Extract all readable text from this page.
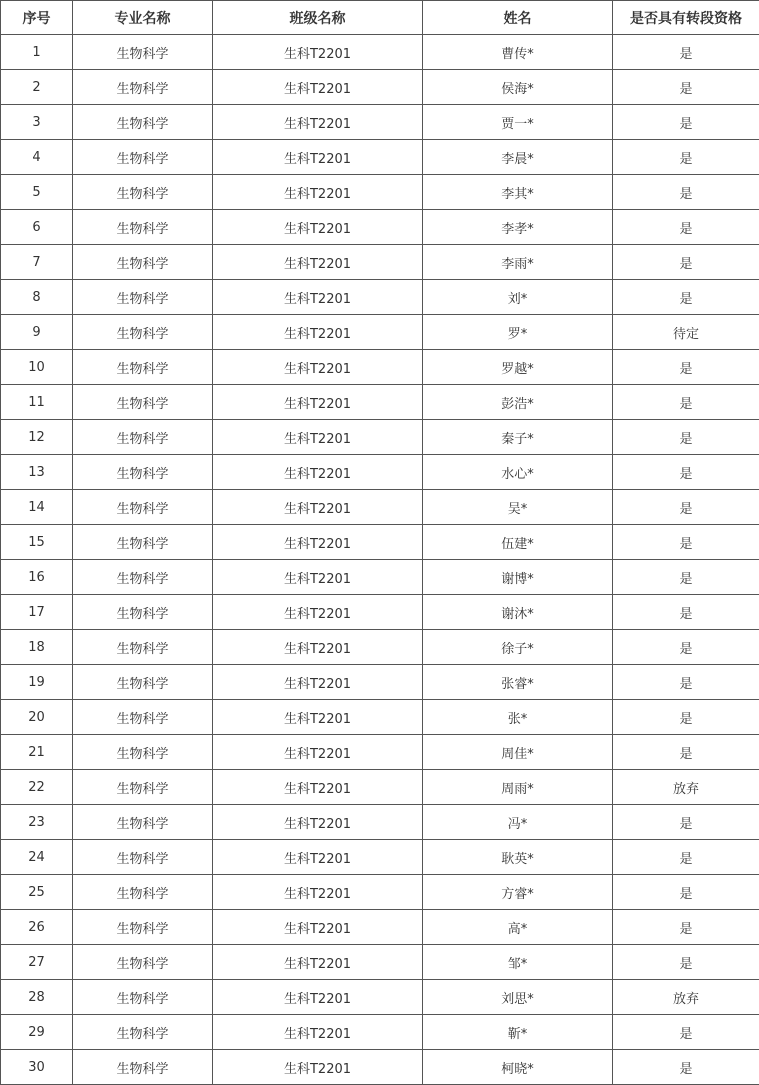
序号	专业名称	班级名称	姓名	是否具有转段资格
1	生物科学	生科T2201	曹传*	是
2	生物科学	生科T2201	侯海*	是
3	生物科学	生科T2201	贾一*	是
4	生物科学	生科T2201	李晨*	是
5	生物科学	生科T2201	李其*	是
6	生物科学	生科T2201	李孝*	是
7	生物科学	生科T2201	李雨*	是
8	生物科学	生科T2201	刘*	是
9	生物科学	生科T2201	罗*	待定
10	生物科学	生科T2201	罗越*	是
11	生物科学	生科T2201	彭浩*	是
12	生物科学	生科T2201	秦子*	是
13	生物科学	生科T2201	水心*	是
14	生物科学	生科T2201	吴*	是
15	生物科学	生科T2201	伍建*	是
16	生物科学	生科T2201	谢博*	是
17	生物科学	生科T2201	谢沐*	是
18	生物科学	生科T2201	徐子*	是
19	生物科学	生科T2201	张睿*	是
20	生物科学	生科T2201	张*	是
21	生物科学	生科T2201	周佳*	是
22	生物科学	生科T2201	周雨*	放弃
23	生物科学	生科T2201	冯*	是
24	生物科学	生科T2201	耿英*	是
25	生物科学	生科T2201	方睿*	是
26	生物科学	生科T2201	高*	是
27	生物科学	生科T2201	邹*	是
28	生物科学	生科T2201	刘思*	放弃
29	生物科学	生科T2201	靳*	是
30	生物科学	生科T2201	柯晓*	是
